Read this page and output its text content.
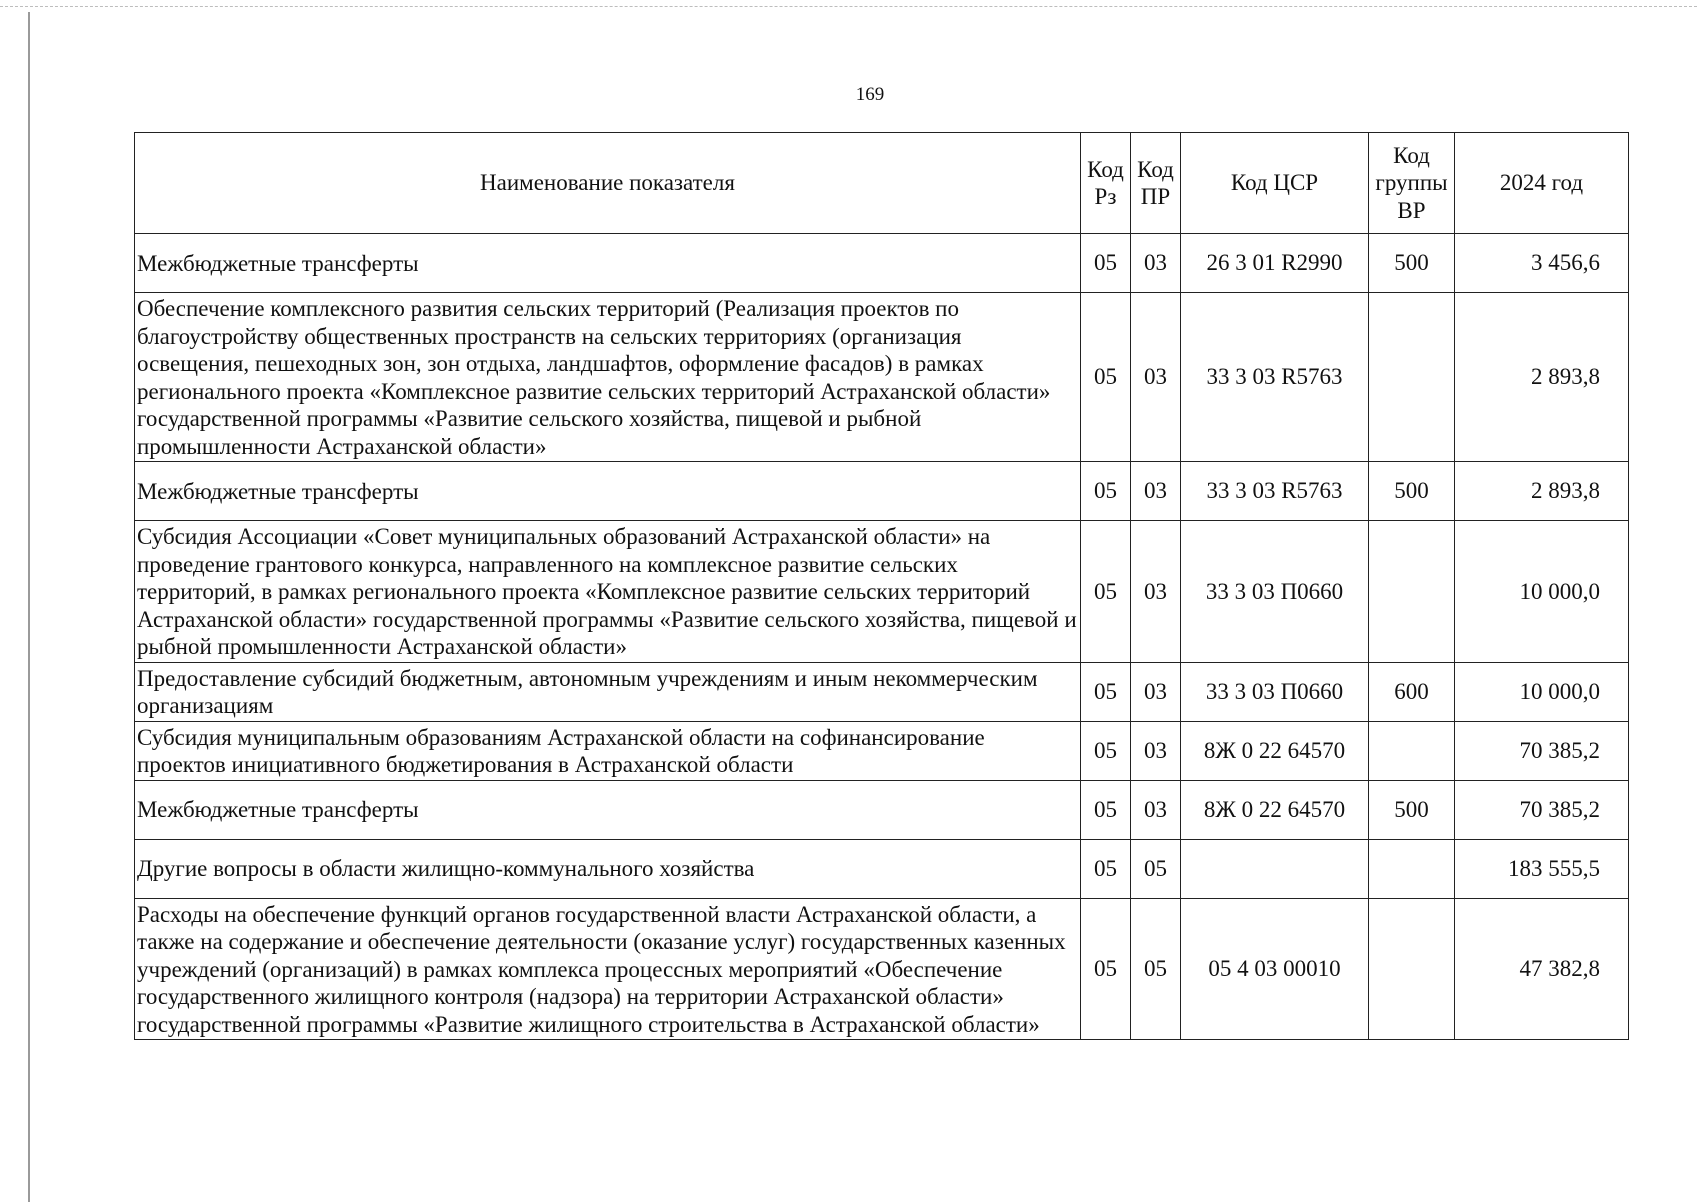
169
Наименование показателя	Код Рз	Код ПР	Код ЦСР	Код группы ВР	2024 год
Межбюджетные трансферты	05	03	26 3 01 R2990	500	3 456,6
Обеспечение комплексного развития сельских территорий (Реализация проектов по благоустройству общественных пространств на сельских территориях (организация освещения, пешеходных зон, зон отдыха, ландшафтов, оформление фасадов) в рамках регионального проекта «Комплексное развитие сельских территорий Астраханской области» государственной программы «Развитие сельского хозяйства, пищевой и рыбной промышленности Астраханской области»	05	03	33 3 03 R5763		2 893,8
Межбюджетные трансферты	05	03	33 3 03 R5763	500	2 893,8
Субсидия Ассоциации «Совет муниципальных образований Астраханской области» на проведение грантового конкурса, направленного на комплексное развитие сельских территорий, в рамках регионального проекта «Комплексное развитие сельских территорий Астраханской области» государственной программы «Развитие сельского хозяйства, пищевой и рыбной промышленности Астраханской области»	05	03	33 3 03 П0660		10 000,0
Предоставление субсидий бюджетным, автономным учреждениям и иным некоммерческим организациям	05	03	33 3 03 П0660	600	10 000,0
Субсидия муниципальным образованиям Астраханской области на софинансирование проектов инициативного бюджетирования в Астраханской области	05	03	8Ж 0 22 64570		70 385,2
Межбюджетные трансферты	05	03	8Ж 0 22 64570	500	70 385,2
Другие вопросы в области жилищно-коммунального хозяйства	05	05			183 555,5
Расходы на обеспечение функций органов государственной власти Астраханской области, а также на содержание и обеспечение деятельности (оказание услуг) государственных казенных учреждений (организаций) в рамках комплекса процессных мероприятий «Обеспечение государственного жилищного контроля (надзора) на территории Астраханской области» государственной программы «Развитие жилищного строительства в Астраханской области»	05	05	05 4 03 00010		47 382,8
